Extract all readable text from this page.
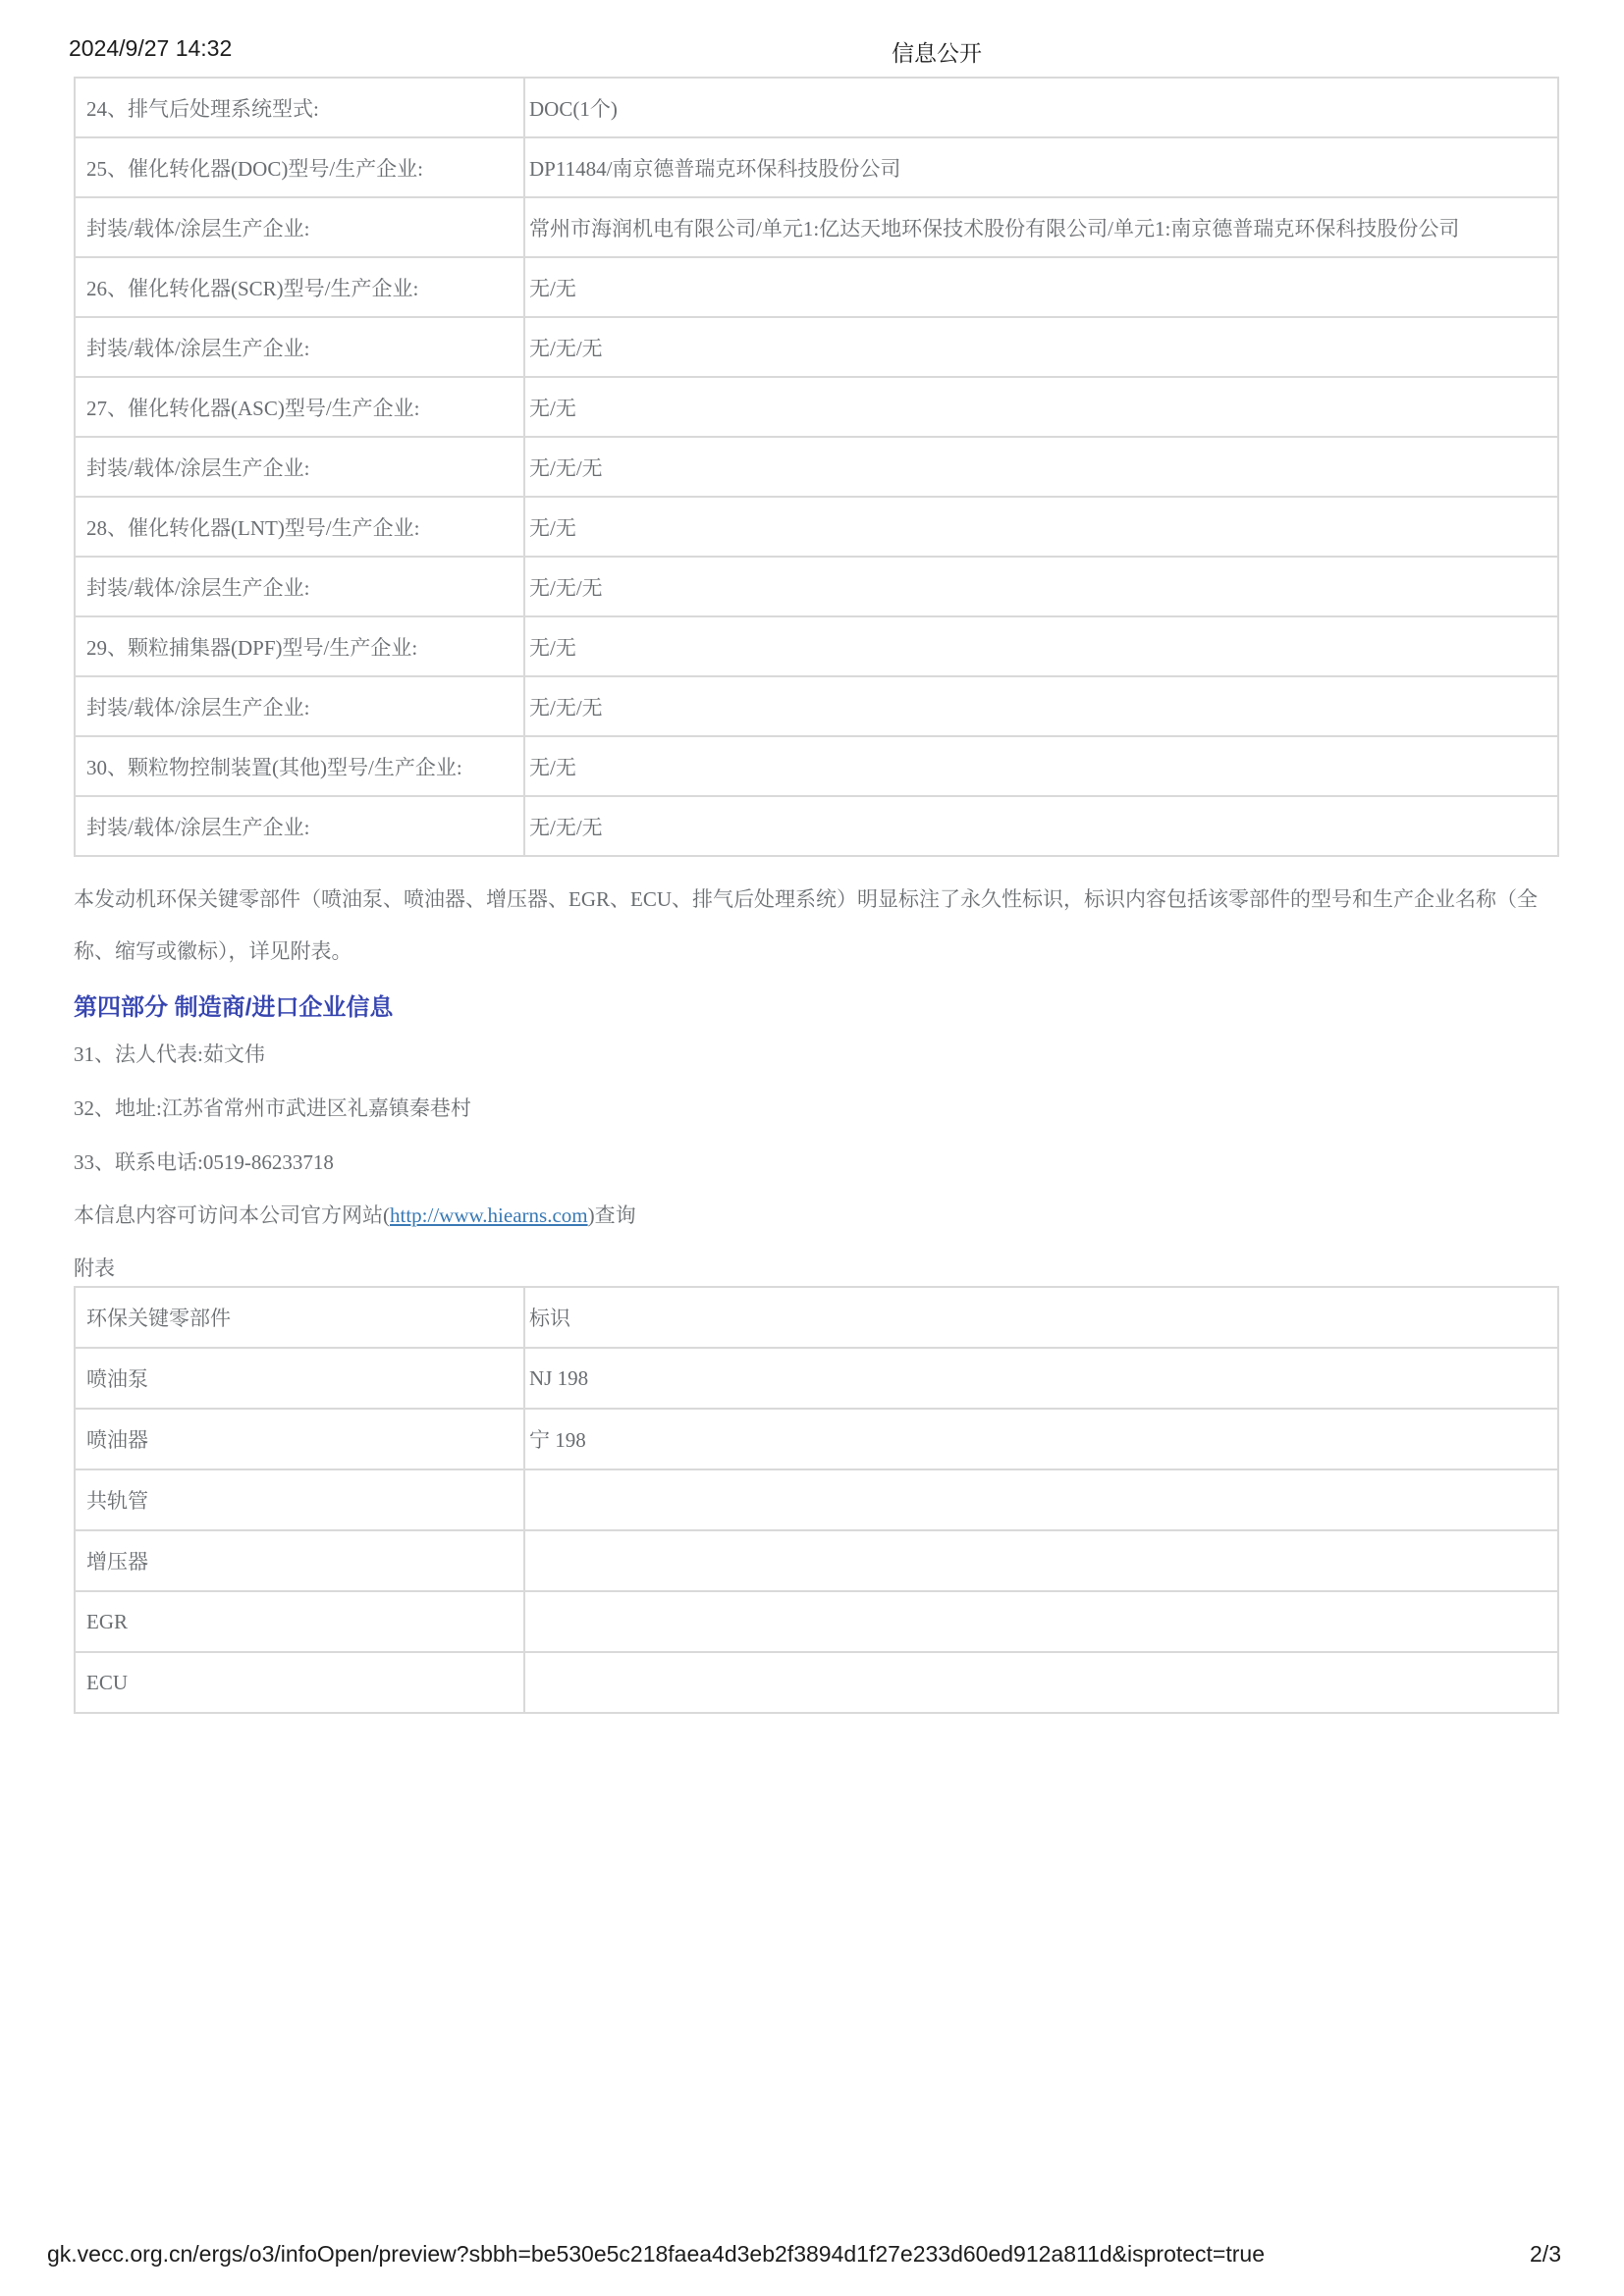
2024/9/27 14:32	信息公开
24、排气后处理系统型式:	DOC(1个)
25、催化转化器(DOC)型号/生产企业:	DP11484/南京德普瑞克环保科技股份公司
封装/载体/涂层生产企业:	常州市海润机电有限公司/单元1:亿达天地环保技术股份有限公司/单元1:南京德普瑞克环保科技股份公司
26、催化转化器(SCR)型号/生产企业:	无/无
封装/载体/涂层生产企业:	无/无/无
27、催化转化器(ASC)型号/生产企业:	无/无
封装/载体/涂层生产企业:	无/无/无
28、催化转化器(LNT)型号/生产企业:	无/无
封装/载体/涂层生产企业:	无/无/无
29、颗粒捕集器(DPF)型号/生产企业:	无/无
封装/载体/涂层生产企业:	无/无/无
30、颗粒物控制装置(其他)型号/生产企业:	无/无
封装/载体/涂层生产企业:	无/无/无
本发动机环保关键零部件（喷油泵、喷油器、增压器、EGR、ECU、排气后处理系统）明显标注了永久性标识，标识内容包括该零部件的型号和生产企业名称（全称、缩写或徽标），详见附表。
第四部分 制造商/进口企业信息
31、法人代表:茹文伟
32、地址:江苏省常州市武进区礼嘉镇秦巷村
33、联系电话:0519-86233718
本信息内容可访问本公司官方网站(http://www.hiearns.com)查询
附表
环保关键零部件	标识
喷油泵	NJ 198
喷油器	宁 198
共轨管	
增压器	
EGR	
ECU	
gk.vecc.org.cn/ergs/o3/infoOpen/preview?sbbh=be530e5c218faea4d3eb2f3894d1f27e233d60ed912a811d&isprotect=true	2/3
